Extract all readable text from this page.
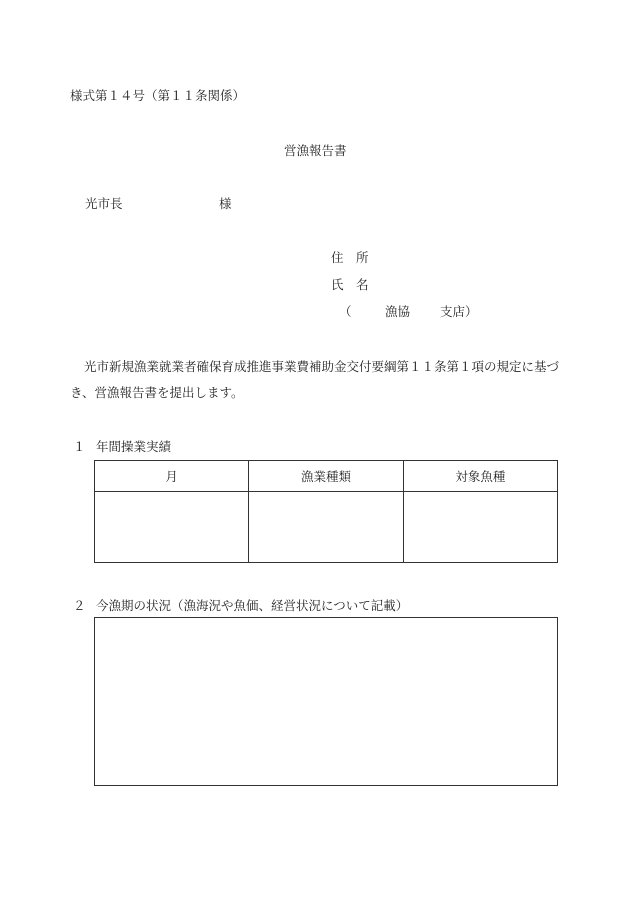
様式第１４号（第１１条関係）
営漁報告書
光市長	様
住　所
氏　名
（	漁協 支店）

光市新規漁業就業者確保育成推進事業費補助金交付要綱第１１条第１項の規定に基づき、営漁報告書を提出します。

１ 年間操業実績
月	漁業種類	対象魚種

２ 今漁期の状況（漁海況や魚価、経営状況について記載）
